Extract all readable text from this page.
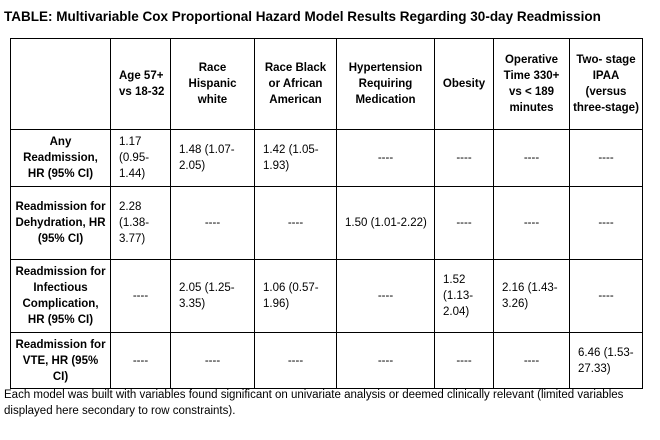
TABLE: Multivariable Cox Proportional Hazard Model Results Regarding 30-day Readmission
	Age 57+ vs 18-32	Race Hispanic white	Race Black or African American	Hypertension Requiring Medication	Obesity	Operative Time 330+ vs < 189 minutes	Two- stage IPAA (versus three-stage)
Any Readmission, HR (95% CI)	1.17 (0.95-1.44)	1.48 (1.07-2.05)	1.42 (1.05-1.93)	----	----	----	----
Readmission for Dehydration, HR (95% CI)	2.28 (1.38-3.77)	----	----	1.50 (1.01-2.22)	----	----	----
Readmission for Infectious Complication, HR (95% CI)	----	2.05 (1.25-3.35)	1.06 (0.57-1.96)	----	1.52 (1.13-2.04)	2.16 (1.43-3.26)	----
Readmission for VTE, HR (95% CI)	----	----	----	----	----	----	6.46 (1.53-27.33)
Each model was built with variables found significant on univariate analysis or deemed clinically relevant (limited variables displayed here secondary to row constraints).
